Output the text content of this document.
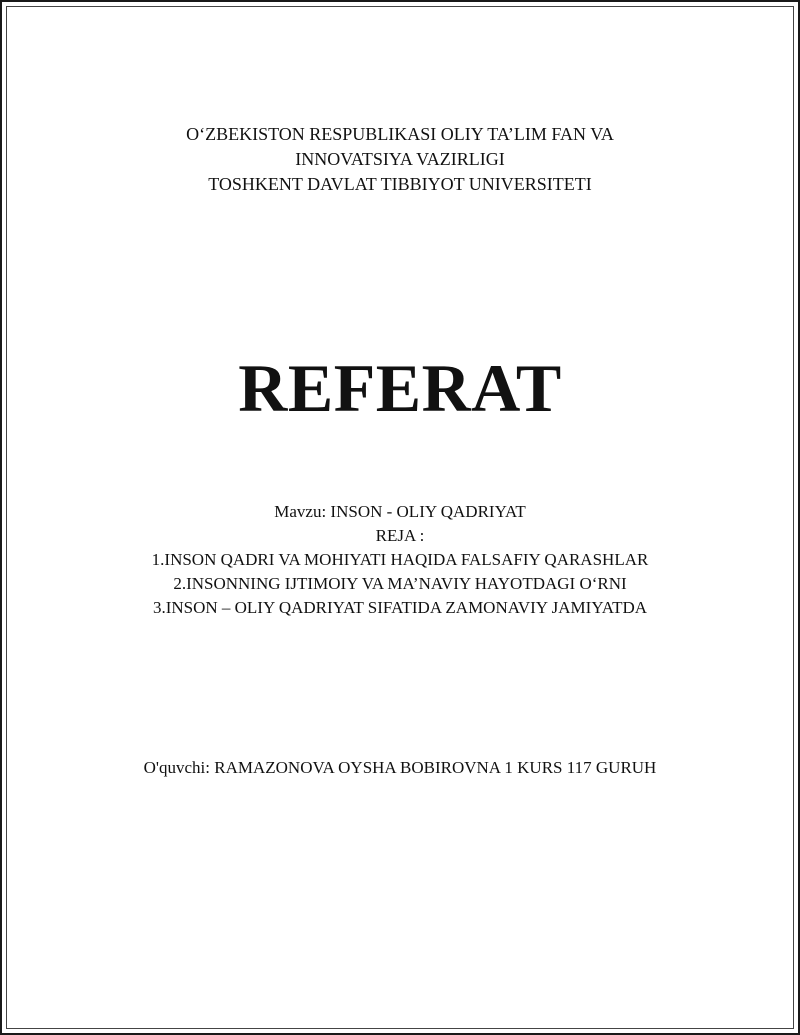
O‘ZBEKISTON RESPUBLIKASI OLIY TA’LIM FAN VA
INNOVATSIYA VAZIRLIGI
TOSHKENT DAVLAT TIBBIYOT UNIVERSITETI
REFERAT
Mavzu: INSON - OLIY QADRIYAT
REJA :
1.INSON QADRI VA MOHIYATI HAQIDA FALSAFIY QARASHLAR
2.INSONNING IJTIMOIY VA MA’NAVIY HAYOTDAGI O‘RNI
3.INSON – OLIY QADRIYAT SIFATIDA ZAMONAVIY JAMIYATDA
O'quvchi: RAMAZONOVA OYSHA BOBIROVNA 1 KURS 117 GURUH
